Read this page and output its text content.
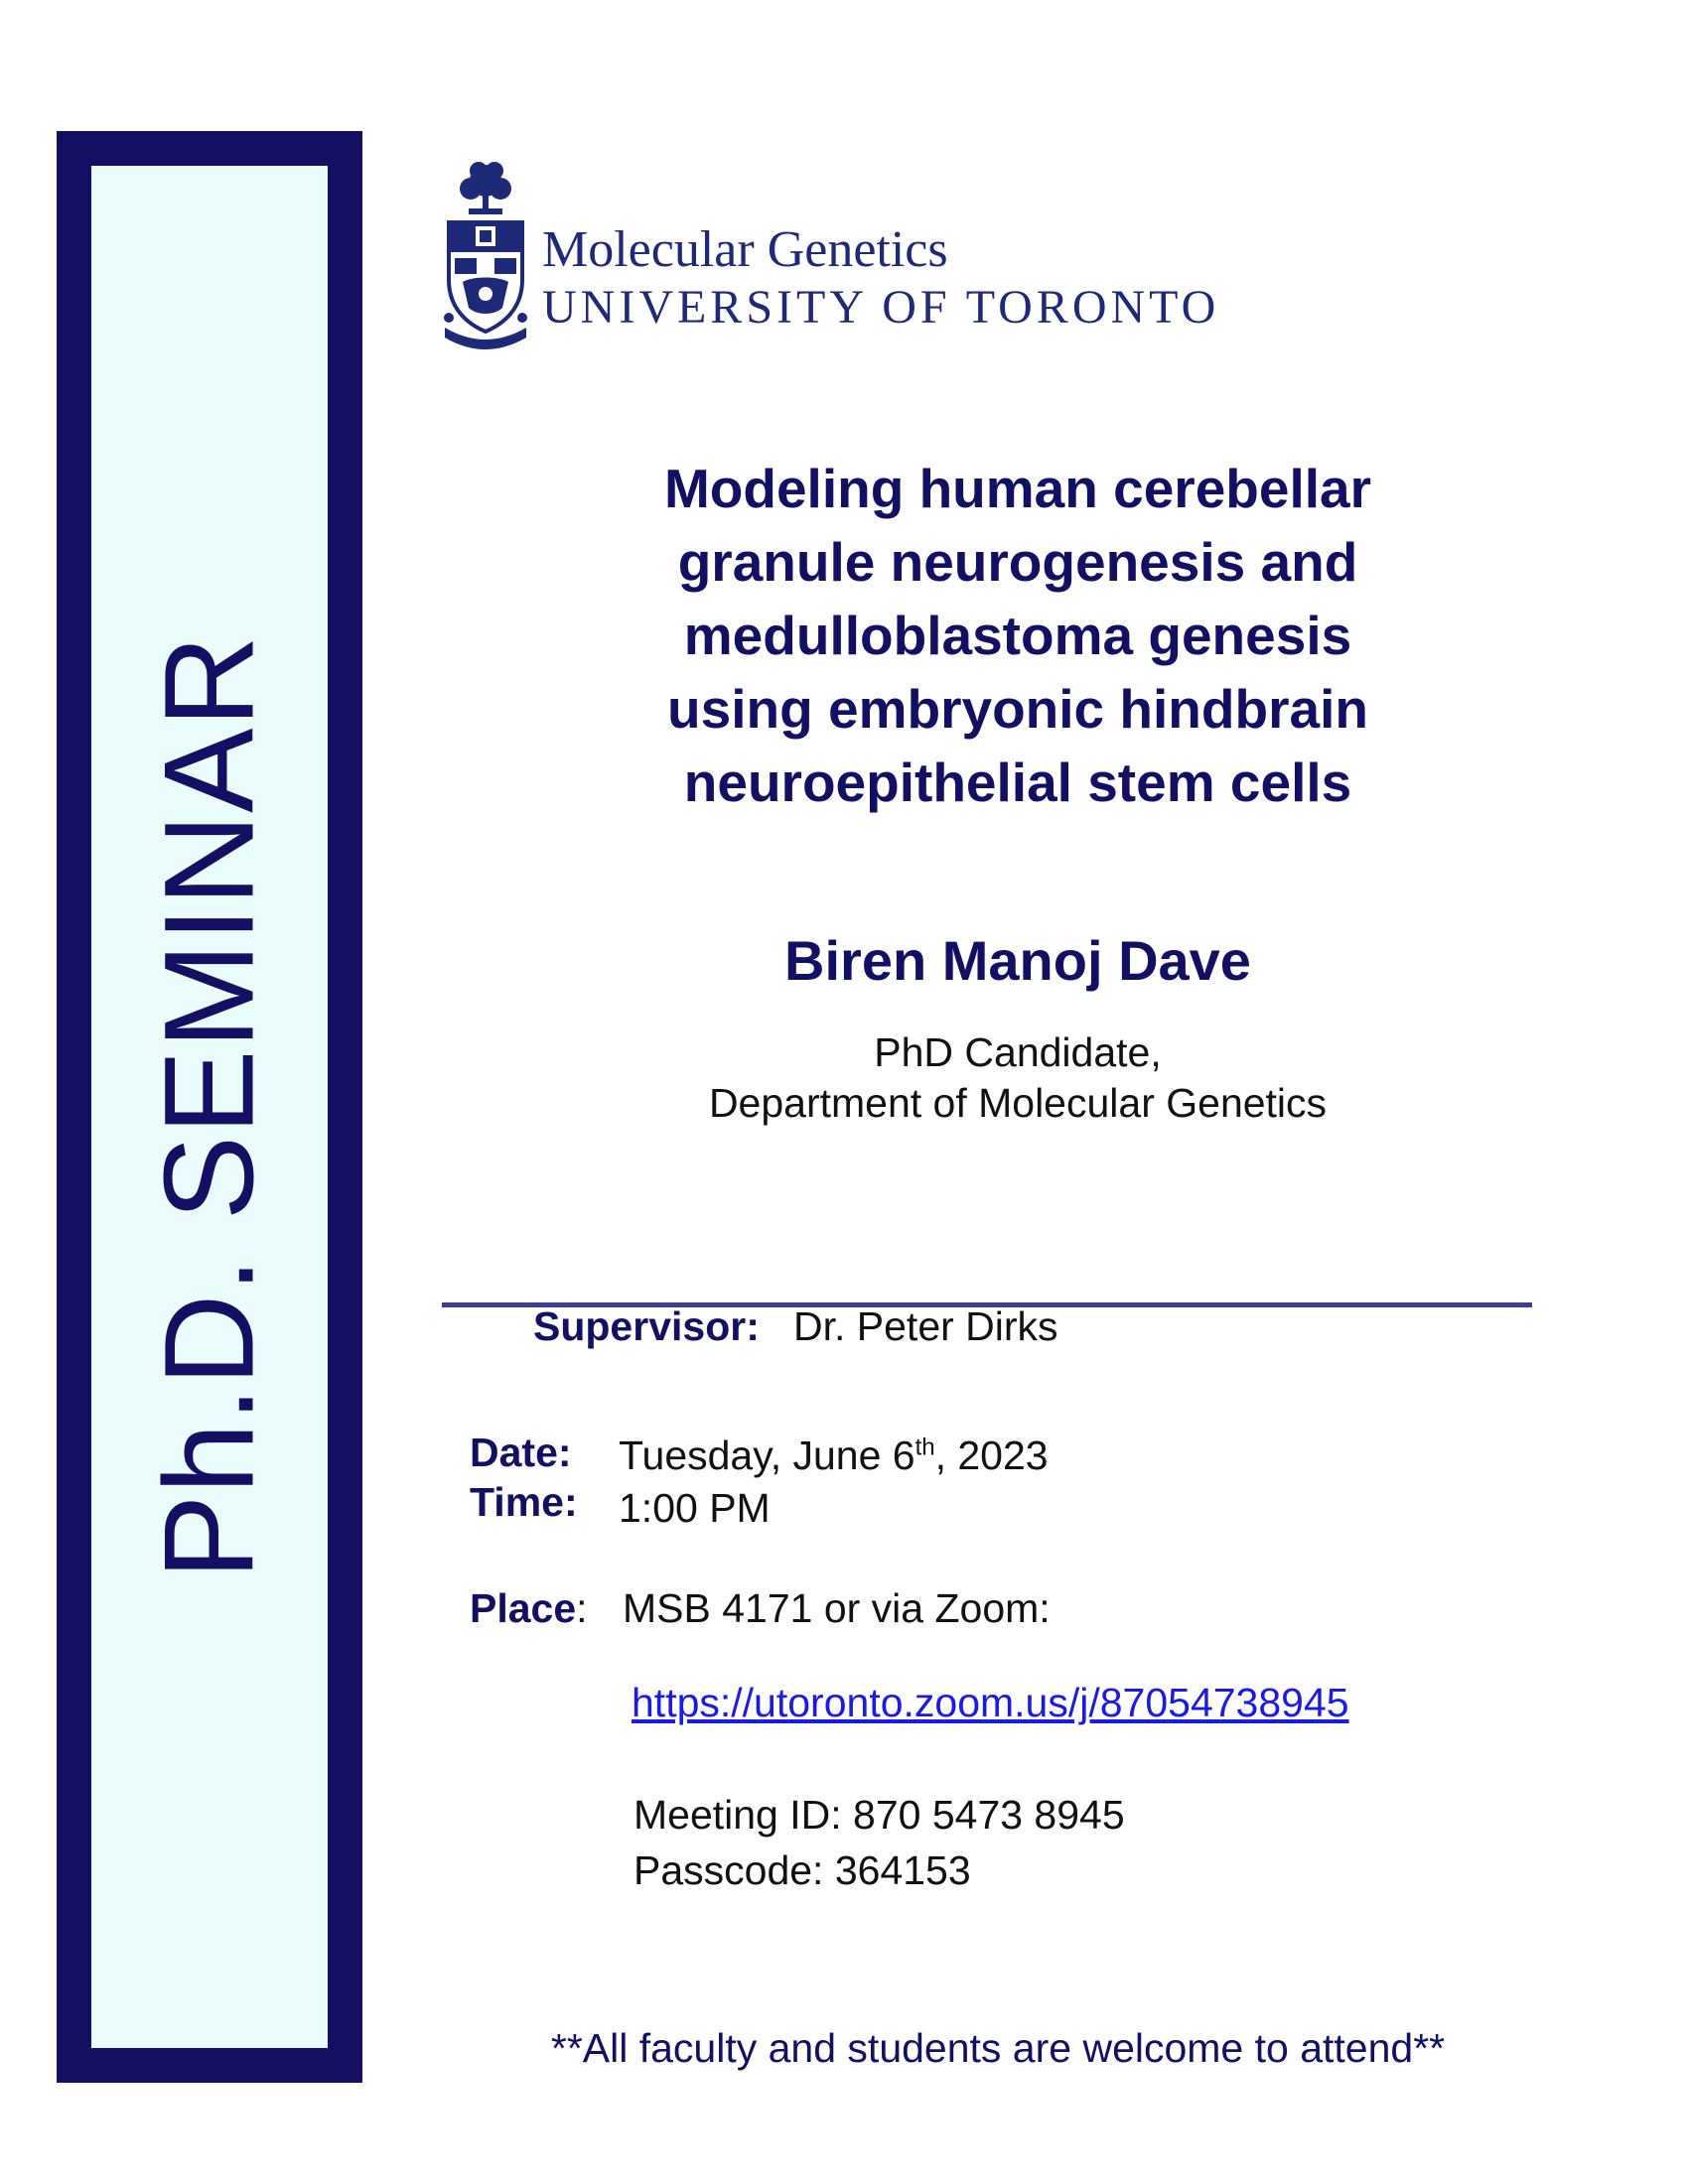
Ph.D. SEMINAR
Molecular Genetics
UNIVERSITY OF TORONTO
Modeling human cerebellar
granule neurogenesis and
medulloblastoma genesis
using embryonic hindbrain
neuroepithelial stem cells
Biren Manoj Dave
PhD Candidate,
Department of Molecular Genetics
Supervisor: Dr. Peter Dirks
Date: Tuesday, June 6th, 2023
Time: 1:00 PM
Place: MSB 4171 or via Zoom:
https://utoronto.zoom.us/j/87054738945
Meeting ID: 870 5473 8945
Passcode: 364153
**All faculty and students are welcome to attend**
